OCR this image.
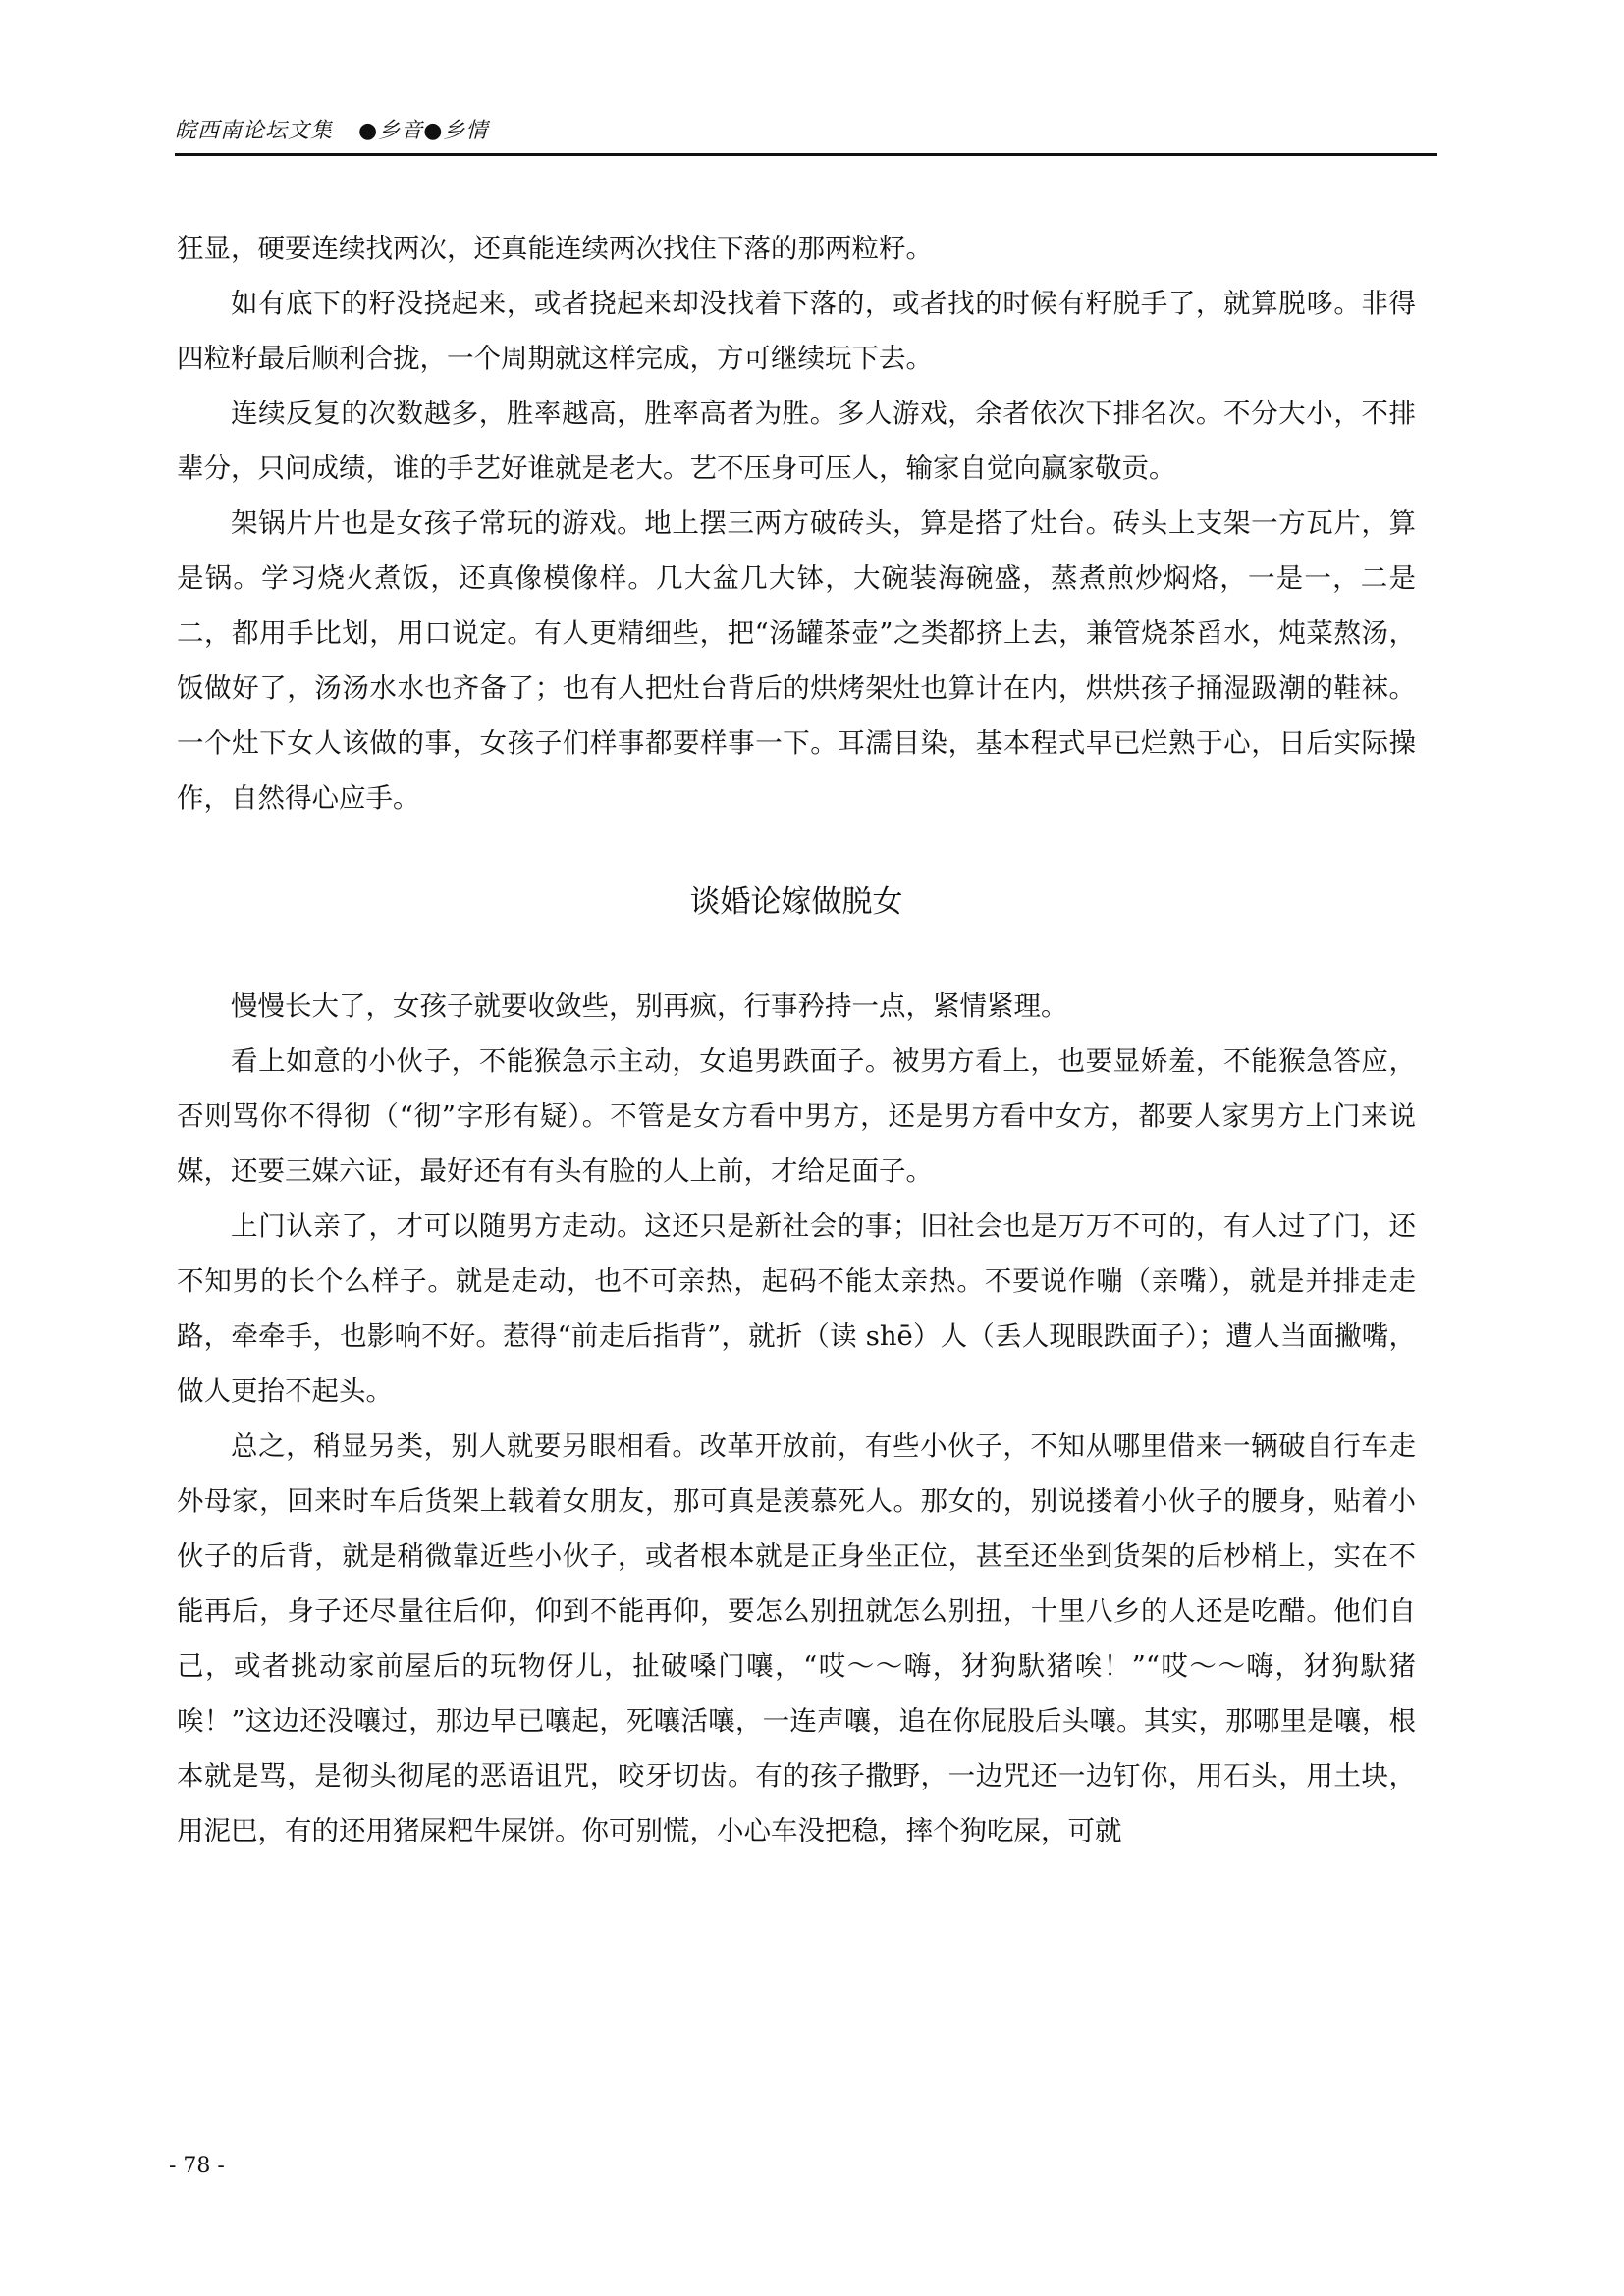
皖西南论坛文集 ●乡音●乡情

狂显，硬要连续找两次，还真能连续两次找住下落的那两粒籽。

如有底下的籽没挠起来，或者挠起来却没找着下落的，或者找的时候有籽脱手了，就算脱哆。非得四粒籽最后顺利合拢，一个周期就这样完成，方可继续玩下去。

连续反复的次数越多，胜率越高，胜率高者为胜。多人游戏，余者依次下排名次。不分大小，不排辈分，只问成绩，谁的手艺好谁就是老大。艺不压身可压人，输家自觉向赢家敬贡。

架锅片片也是女孩子常玩的游戏。地上摆三两方破砖头，算是搭了灶台。砖头上支架一方瓦片，算是锅。学习烧火煮饭，还真像模像样。几大盆几大钵，大碗装海碗盛，蒸煮煎炒焖烙，一是一，二是二，都用手比划，用口说定。有人更精细些，把“汤罐茶壶”之类都挤上去，兼管烧茶舀水，炖菜熬汤，饭做好了，汤汤水水也齐备了；也有人把灶台背后的烘烤架灶也算计在内，烘烘孩子捅湿趿潮的鞋袜。一个灶下女人该做的事，女孩子们样事都要样事一下。耳濡目染，基本程式早已烂熟于心，日后实际操作，自然得心应手。

谈婚论嫁做脱女

慢慢长大了，女孩子就要收敛些，别再疯，行事矜持一点，紧情紧理。

看上如意的小伙子，不能猴急示主动，女追男跌面子。被男方看上，也要显娇羞，不能猴急答应，否则骂你不得彻（“彻”字形有疑）。不管是女方看中男方，还是男方看中女方，都要人家男方上门来说媒，还要三媒六证，最好还有有头有脸的人上前，才给足面子。

上门认亲了，才可以随男方走动。这还只是新社会的事；旧社会也是万万不可的，有人过了门，还不知男的长个么样子。就是走动，也不可亲热，起码不能太亲热。不要说作嘣（亲嘴），就是并排走走路，牵牵手，也影响不好。惹得“前走后指背”，就折（读 shē）人（丢人现眼跌面子）；遭人当面撇嘴，做人更抬不起头。

总之，稍显另类，别人就要另眼相看。改革开放前，有些小伙子，不知从哪里借来一辆破自行车走外母家，回来时车后货架上载着女朋友，那可真是羡慕死人。那女的，别说搂着小伙子的腰身，贴着小伙子的后背，就是稍微靠近些小伙子，或者根本就是正身坐正位，甚至还坐到货架的后杪梢上，实在不能再后，身子还尽量往后仰，仰到不能再仰，要怎么别扭就怎么别扭，十里八乡的人还是吃醋。他们自己，或者挑动家前屋后的玩物伢儿，扯破嗓门嚷，“哎～～嗨，犲狗馱猪唉！”“哎～～嗨，犲狗馱猪唉！”这边还没嚷过，那边早已嚷起，死嚷活嚷，一连声嚷，追在你屁股后头嚷。其实，那哪里是嚷，根本就是骂，是彻头彻尾的恶语诅咒，咬牙切齿。有的孩子撒野，一边咒还一边钉你，用石头，用土块，用泥巴，有的还用猪屎粑牛屎饼。你可别慌，小心车没把稳，摔个狗吃屎，可就

- 78 -
